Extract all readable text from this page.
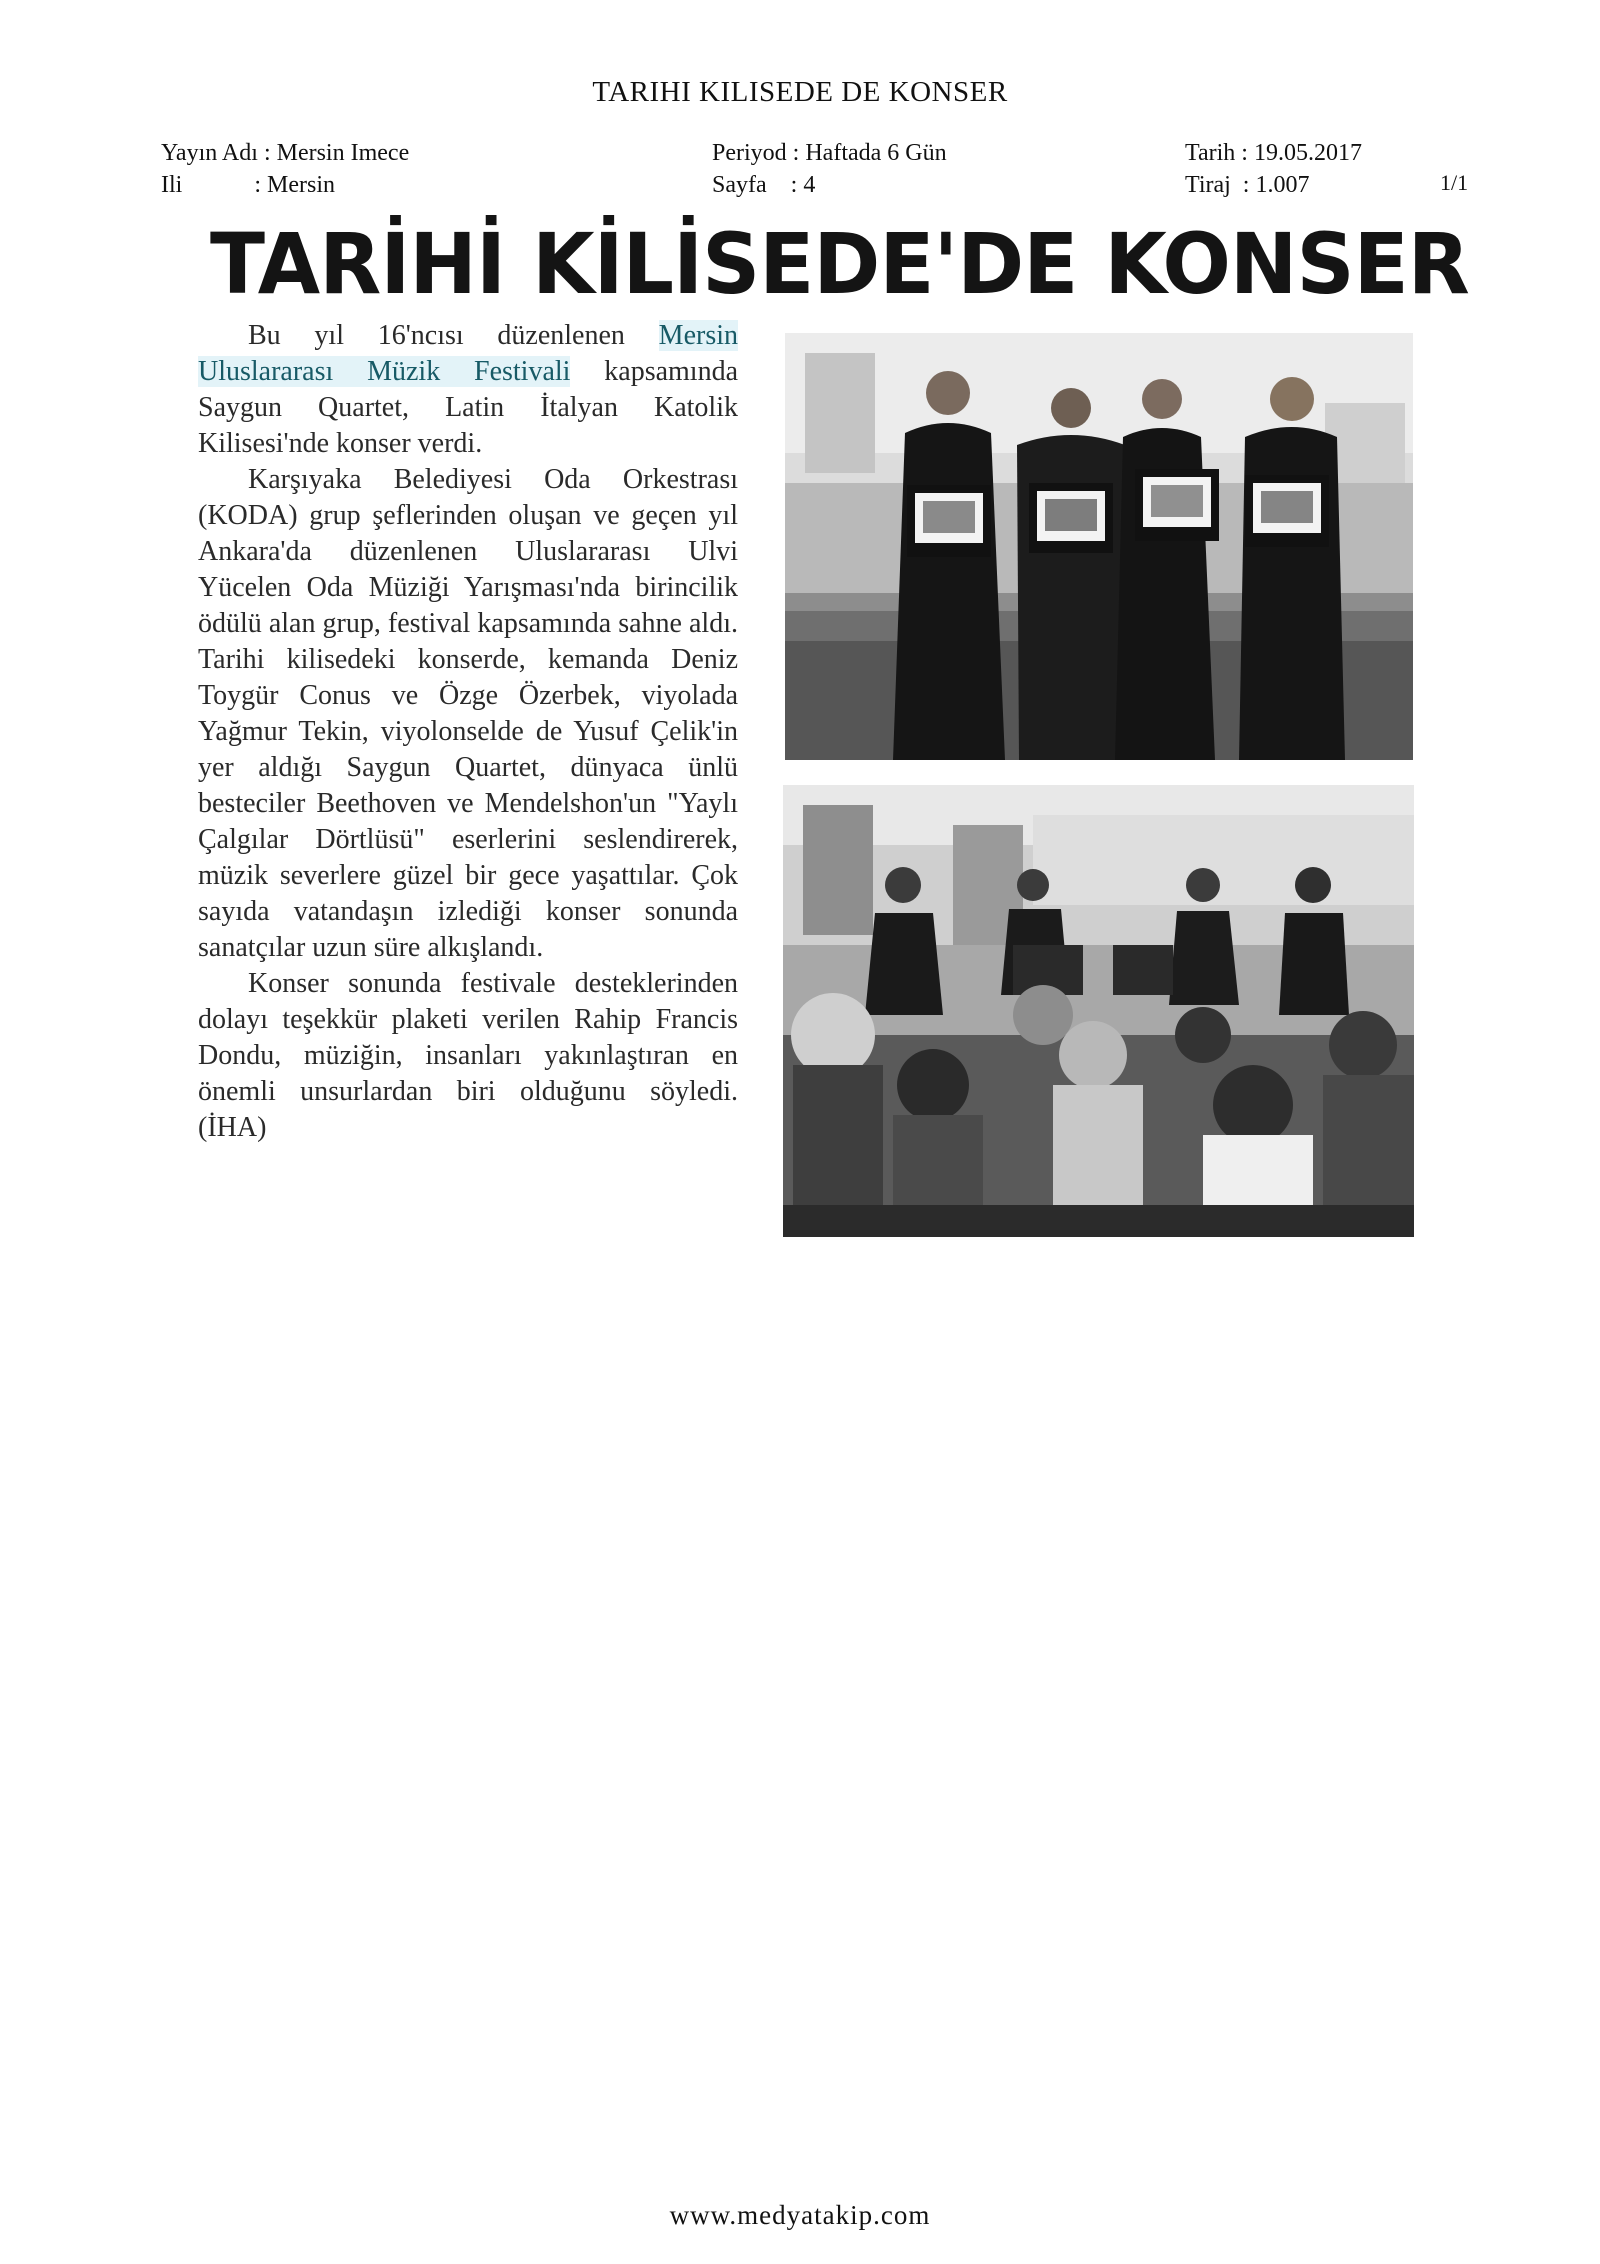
TARIHI KILISEDE DE KONSER
Yayın Adı : Mersin Imece
Ili            : Mersin
Periyod : Haftada 6 Gün
Sayfa    : 4
Tarih : 19.05.2017
Tiraj  : 1.007	1/1
TARİHİ KİLİSEDE'DE KONSER

Bu yıl 16'ncısı düzenlenen Mersin Uluslararası Müzik Festivali kapsamında Saygun Quartet, Latin İtalyan Katolik Kilisesi'nde konser verdi.

Karşıyaka Belediyesi Oda Orkestrası (KODA) grup şeflerinden oluşan ve geçen yıl Ankara'da düzenlenen Uluslararası Ulvi Yücelen Oda Müziği Yarışması'nda birincilik ödülü alan grup, festival kapsamında sahne aldı. Tarihi kilisedeki konserde, kemanda Deniz Toygür Conus ve Özge Özerbek, viyolada Yağmur Tekin, viyolonselde de Yusuf Çelik'in yer aldığı Saygun Quartet, dünyaca ünlü besteciler Beethoven ve Mendelshon'un "Yaylı Çalgılar Dörtlüsü" eserlerini seslendirerek, müzik severlere güzel bir gece yaşattılar. Çok sayıda vatandaşın izlediği konser sonunda sanatçılar uzun süre alkışlandı.

Konser sonunda festivale desteklerinden dolayı teşekkür plaketi verilen Rahip Francis Dondu, müziğin, insanları yakınlaştıran en önemli unsurlardan biri olduğunu söyledi. (İHA)

www.medyatakip.com
